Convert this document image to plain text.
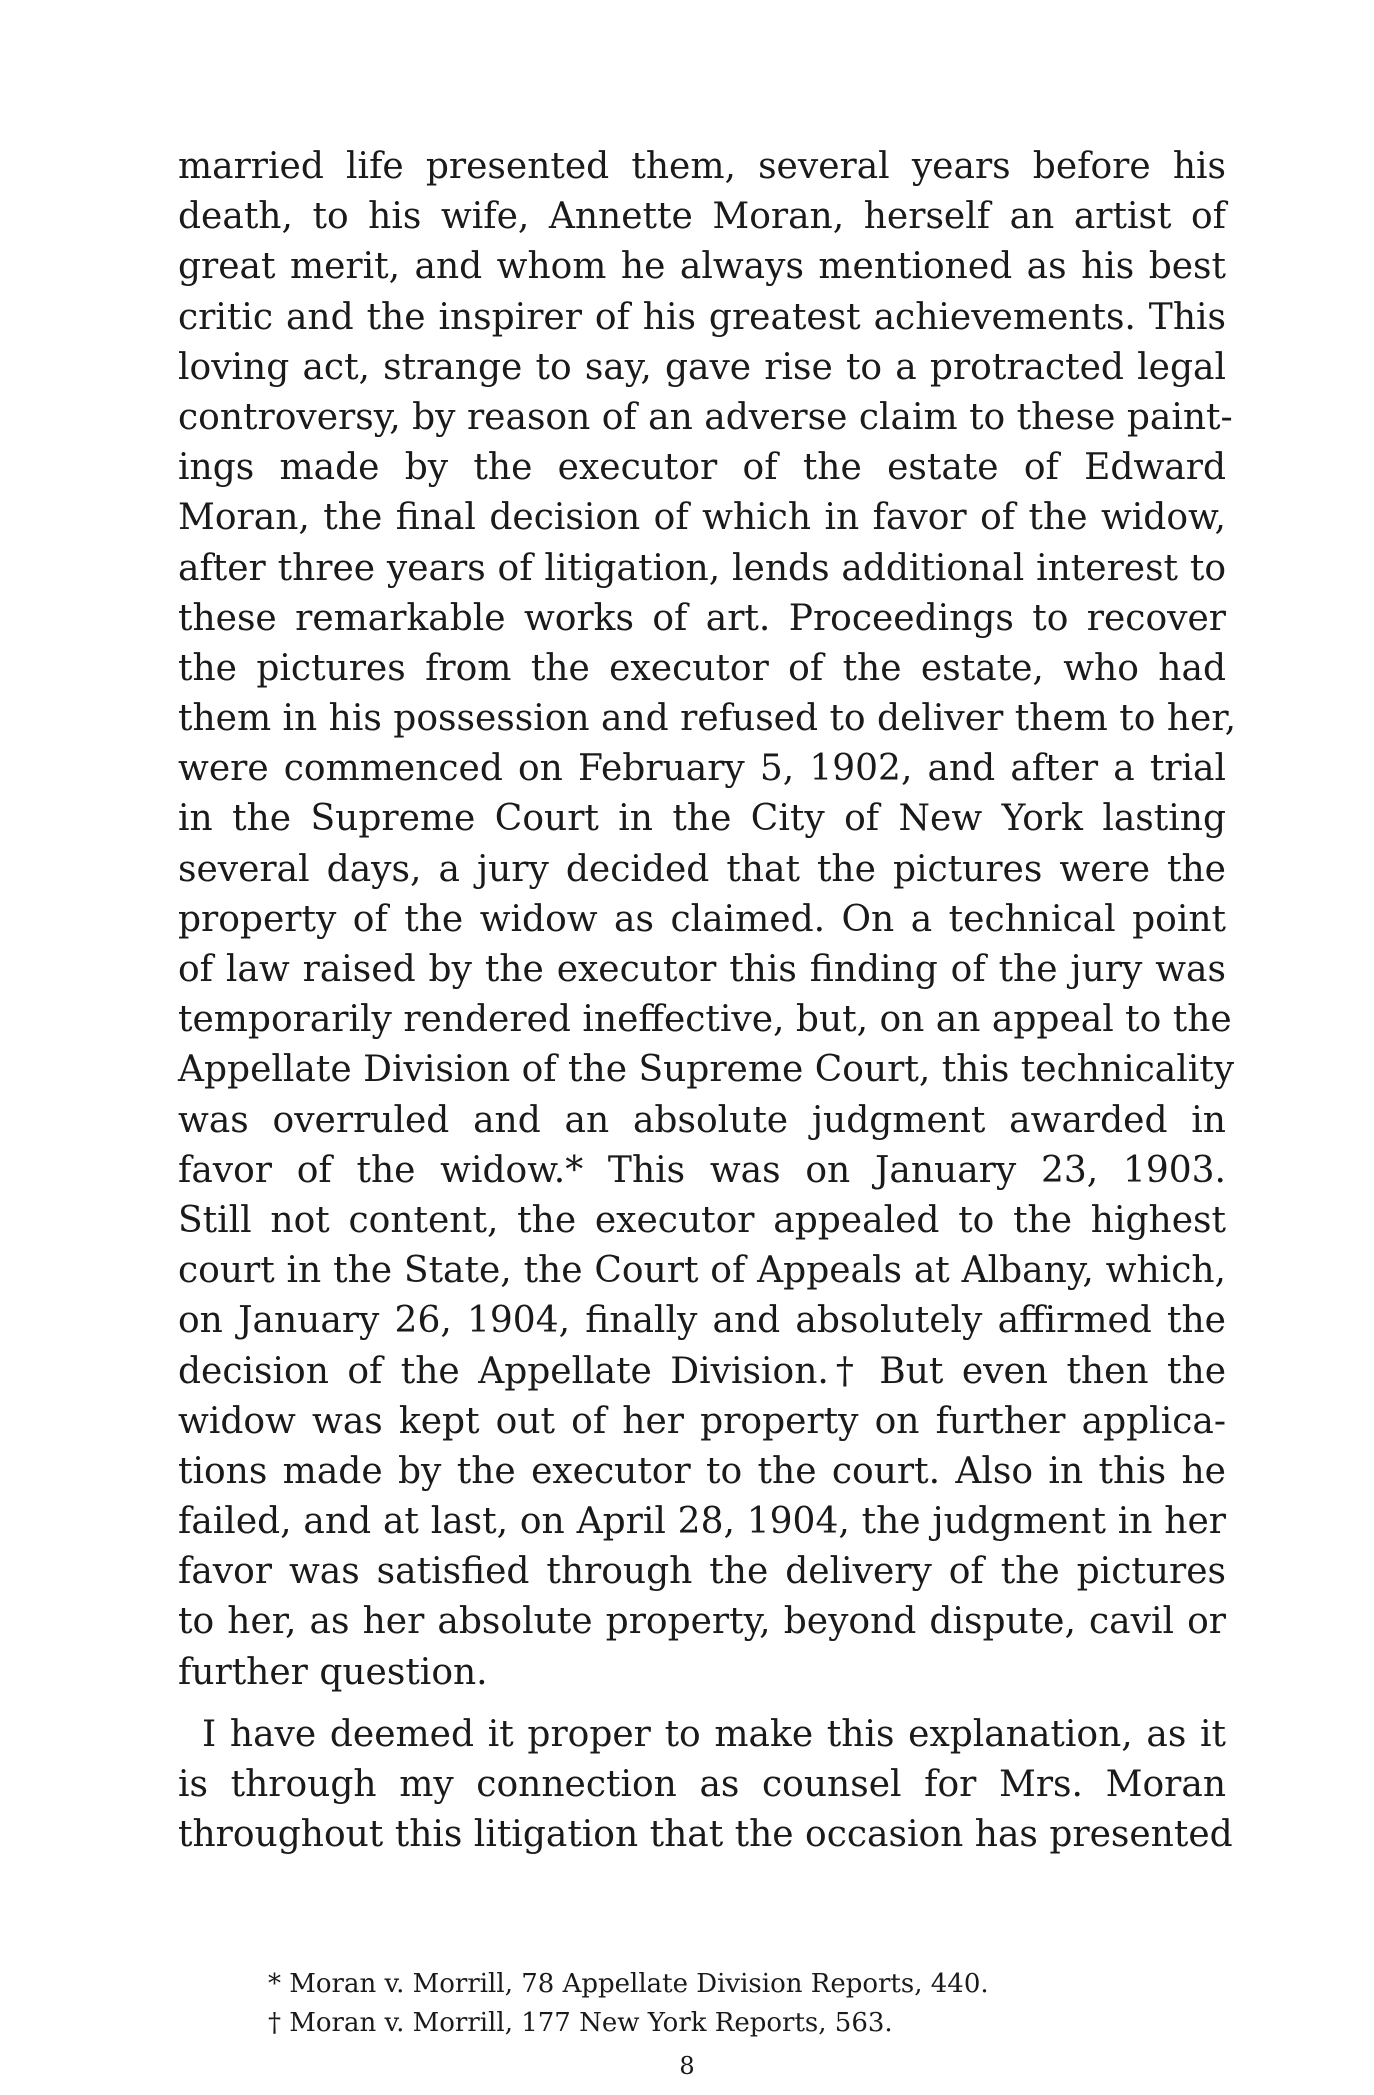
married life presented them, several years before his
death, to his wife, Annette Moran, herself an artist of
great merit, and whom he always mentioned as his best
critic and the inspirer of his greatest achievements. This
loving act, strange to say, gave rise to a protracted legal
controversy, by reason of an adverse claim to these paint-
ings made by the executor of the estate of Edward
Moran, the final decision of which in favor of the widow,
after three years of litigation, lends additional interest to
these remarkable works of art. Proceedings to recover
the pictures from the executor of the estate, who had
them in his possession and refused to deliver them to her,
were commenced on February 5, 1902, and after a trial
in the Supreme Court in the City of New York lasting
several days, a jury decided that the pictures were the
property of the widow as claimed. On a technical point
of law raised by the executor this finding of the jury was
temporarily rendered ineffective, but, on an appeal to the
Appellate Division of the Supreme Court, this technicality
was overruled and an absolute judgment awarded in
favor of the widow.* This was on January 23, 1903.
Still not content, the executor appealed to the highest
court in the State, the Court of Appeals at Albany, which,
on January 26, 1904, finally and absolutely affirmed the
decision of the Appellate Division.† But even then the
widow was kept out of her property on further applica-
tions made by the executor to the court. Also in this he
failed, and at last, on April 28, 1904, the judgment in her
favor was satisfied through the delivery of the pictures
to her, as her absolute property, beyond dispute, cavil or
further question.
I have deemed it proper to make this explanation, as it
is through my connection as counsel for Mrs. Moran
throughout this litigation that the occasion has presented
* Moran v. Morrill, 78 Appellate Division Reports, 440.
† Moran v. Morrill, 177 New York Reports, 563.
8
